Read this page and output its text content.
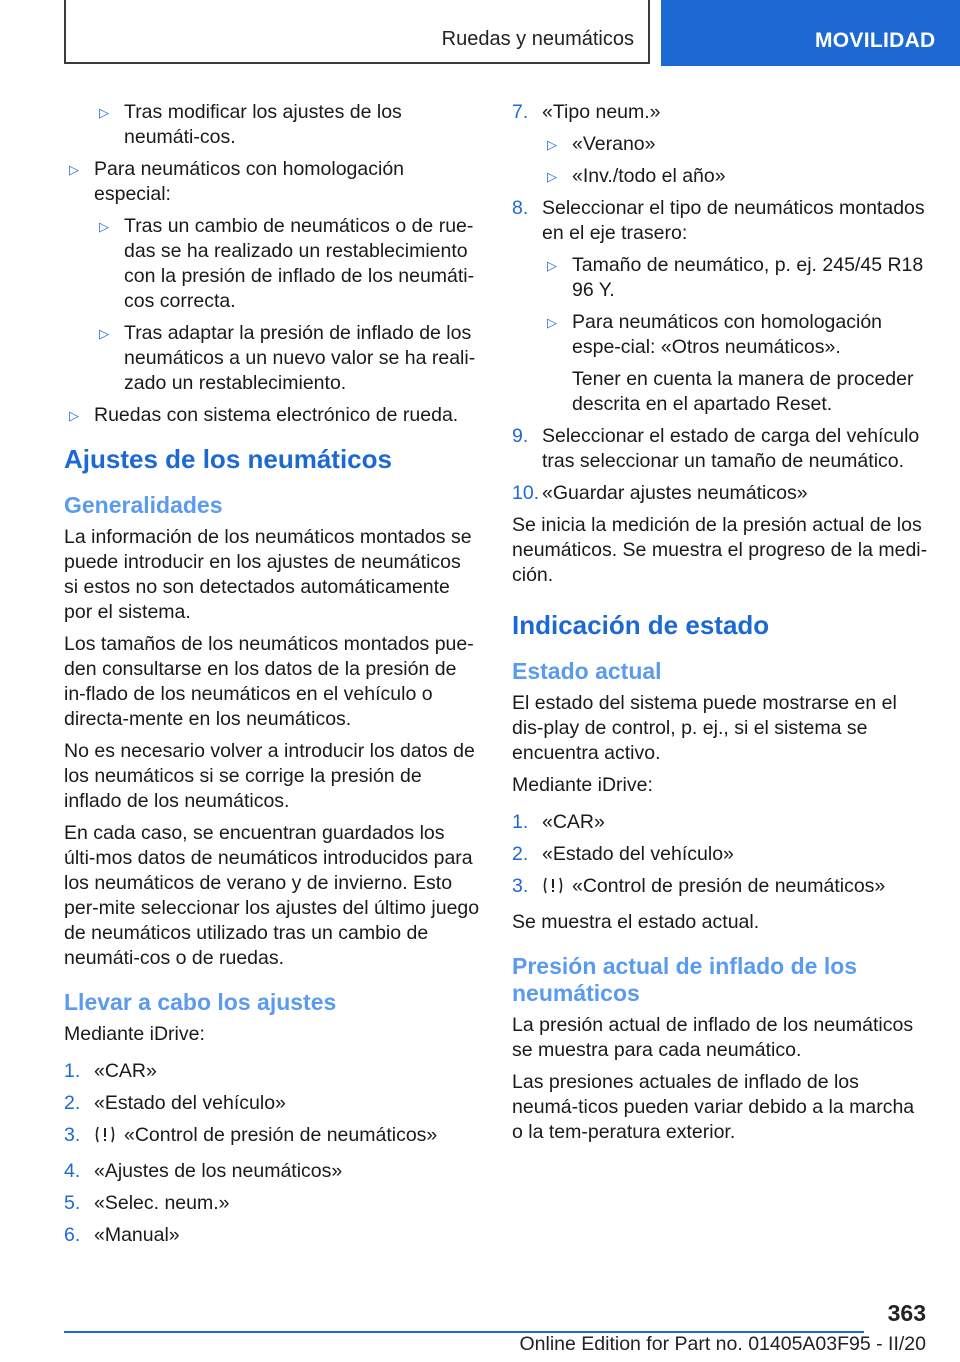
Ruedas y neumáticos	MOVILIDAD
▷ Tras modificar los ajustes de los neumáti‐cos.
▷ Para neumáticos con homologación especial:
▷ Tras un cambio de neumáticos o de rue‐das se ha realizado un restablecimiento con la presión de inflado de los neumáti‐cos correcta.
▷ Tras adaptar la presión de inflado de los neumáticos a un nuevo valor se ha reali‐zado un restablecimiento.
▷ Ruedas con sistema electrónico de rueda.
Ajustes de los neumáticos
Generalidades

La información de los neumáticos montados se puede introducir en los ajustes de neumáticos si estos no son detectados automáticamente por el sistema.

Los tamaños de los neumáticos montados pue‐den consultarse en los datos de la presión de in‐flado de los neumáticos en el vehículo o directa‐mente en los neumáticos.

No es necesario volver a introducir los datos de los neumáticos si se corrige la presión de inflado de los neumáticos.

En cada caso, se encuentran guardados los últi‐mos datos de neumáticos introducidos para los neumáticos de verano y de invierno. Esto per‐mite seleccionar los ajustes del último juego de neumáticos utilizado tras un cambio de neumáti‐cos o de ruedas.

Llevar a cabo los ajustes

Mediante iDrive:

1. «CAR»
2. «Estado del vehículo»
3. «Control de presión de neumáticos»
4. «Ajustes de los neumáticos»
5. «Selec. neum.»
6. «Manual»
7. «Tipo neum.»
▷ «Verano»
▷ «Inv./todo el año»
8. Seleccionar el tipo de neumáticos montados en el eje trasero:
▷ Tamaño de neumático, p. ej. 245/45 R18 96 Y.
▷ Para neumáticos con homologación espe‐cial: «Otros neumáticos».

Tener en cuenta la manera de proceder descrita en el apartado Reset.

9. Seleccionar el estado de carga del vehículo tras seleccionar un tamaño de neumático.
10. «Guardar ajustes neumáticos»

Se inicia la medición de la presión actual de los neumáticos. Se muestra el progreso de la medi‐ción.

Indicación de estado
Estado actual

El estado del sistema puede mostrarse en el dis‐play de control, p. ej., si el sistema se encuentra activo.

Mediante iDrive:

1. «CAR»
2. «Estado del vehículo»
3. «Control de presión de neumáticos»

Se muestra el estado actual.

Presión actual de inflado de los neumáticos

La presión actual de inflado de los neumáticos se muestra para cada neumático.

Las presiones actuales de inflado de los neumá‐ticos pueden variar debido a la marcha o la tem‐peratura exterior.

363
Online Edition for Part no. 01405A03F95 - II/20
